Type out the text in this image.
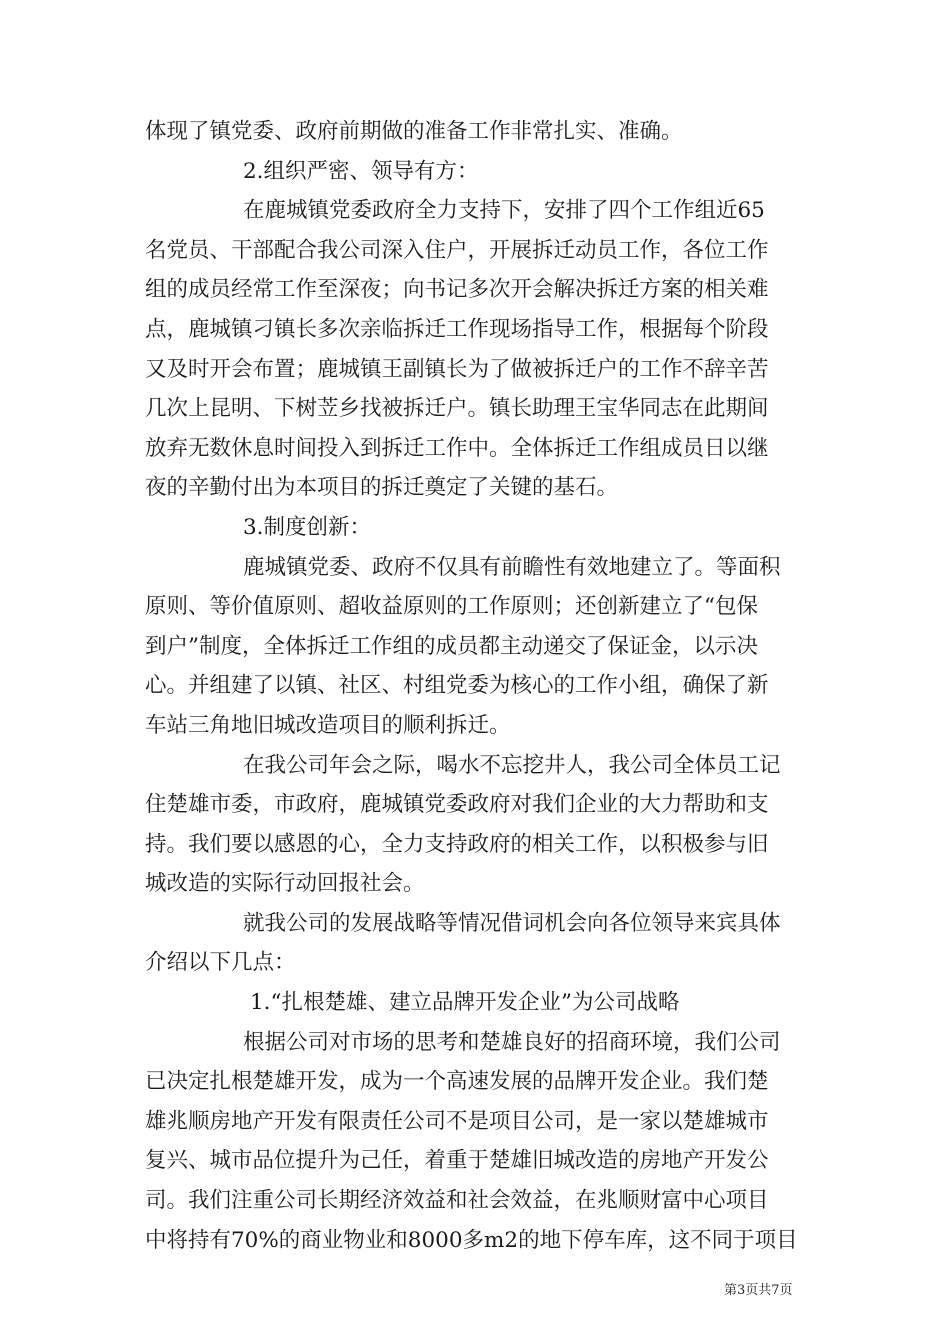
体现了镇党委、政府前期做的准备工作非常扎实、准确。
2.组织严密、领导有方：
在鹿城镇党委政府全力支持下，安排了四个工作组近65
名党员、干部配合我公司深入住户，开展拆迁动员工作，各位工作
组的成员经常工作至深夜；向书记多次开会解决拆迁方案的相关难
点，鹿城镇刁镇长多次亲临拆迁工作现场指导工作，根据每个阶段
又及时开会布置；鹿城镇王副镇长为了做被拆迁户的工作不辞辛苦
几次上昆明、下树苙乡找被拆迁户。镇长助理王宝华同志在此期间
放弃无数休息时间投入到拆迁工作中。全体拆迁工作组成员日以继
夜的辛勤付出为本项目的拆迁奠定了关键的基石。
3.制度创新：
鹿城镇党委、政府不仅具有前瞻性有效地建立了。等面积
原则、等价值原则、超收益原则的工作原则；还创新建立了“包保
到户”制度，全体拆迁工作组的成员都主动递交了保证金，以示决
心。并组建了以镇、社区、村组党委为核心的工作小组，确保了新
车站三角地旧城改造项目的顺利拆迁。
在我公司年会之际，喝水不忘挖井人，我公司全体员工记
住楚雄市委，市政府，鹿城镇党委政府对我们企业的大力帮助和支
持。我们要以感恩的心，全力支持政府的相关工作，以积极参与旧
城改造的实际行动回报社会。
就我公司的发展战略等情况借词机会向各位领导来宾具体
介绍以下几点：
1.“扎根楚雄、建立品牌开发企业”为公司战略
根据公司对市场的思考和楚雄良好的招商环境，我们公司
已决定扎根楚雄开发，成为一个高速发展的品牌开发企业。我们楚
雄兆顺房地产开发有限责任公司不是项目公司，是一家以楚雄城市
复兴、城市品位提升为己任，着重于楚雄旧城改造的房地产开发公
司。我们注重公司长期经济效益和社会效益，在兆顺财富中心项目
中将持有70%的商业物业和8000多m2的地下停车库，这不同于项目
第3页共7页
